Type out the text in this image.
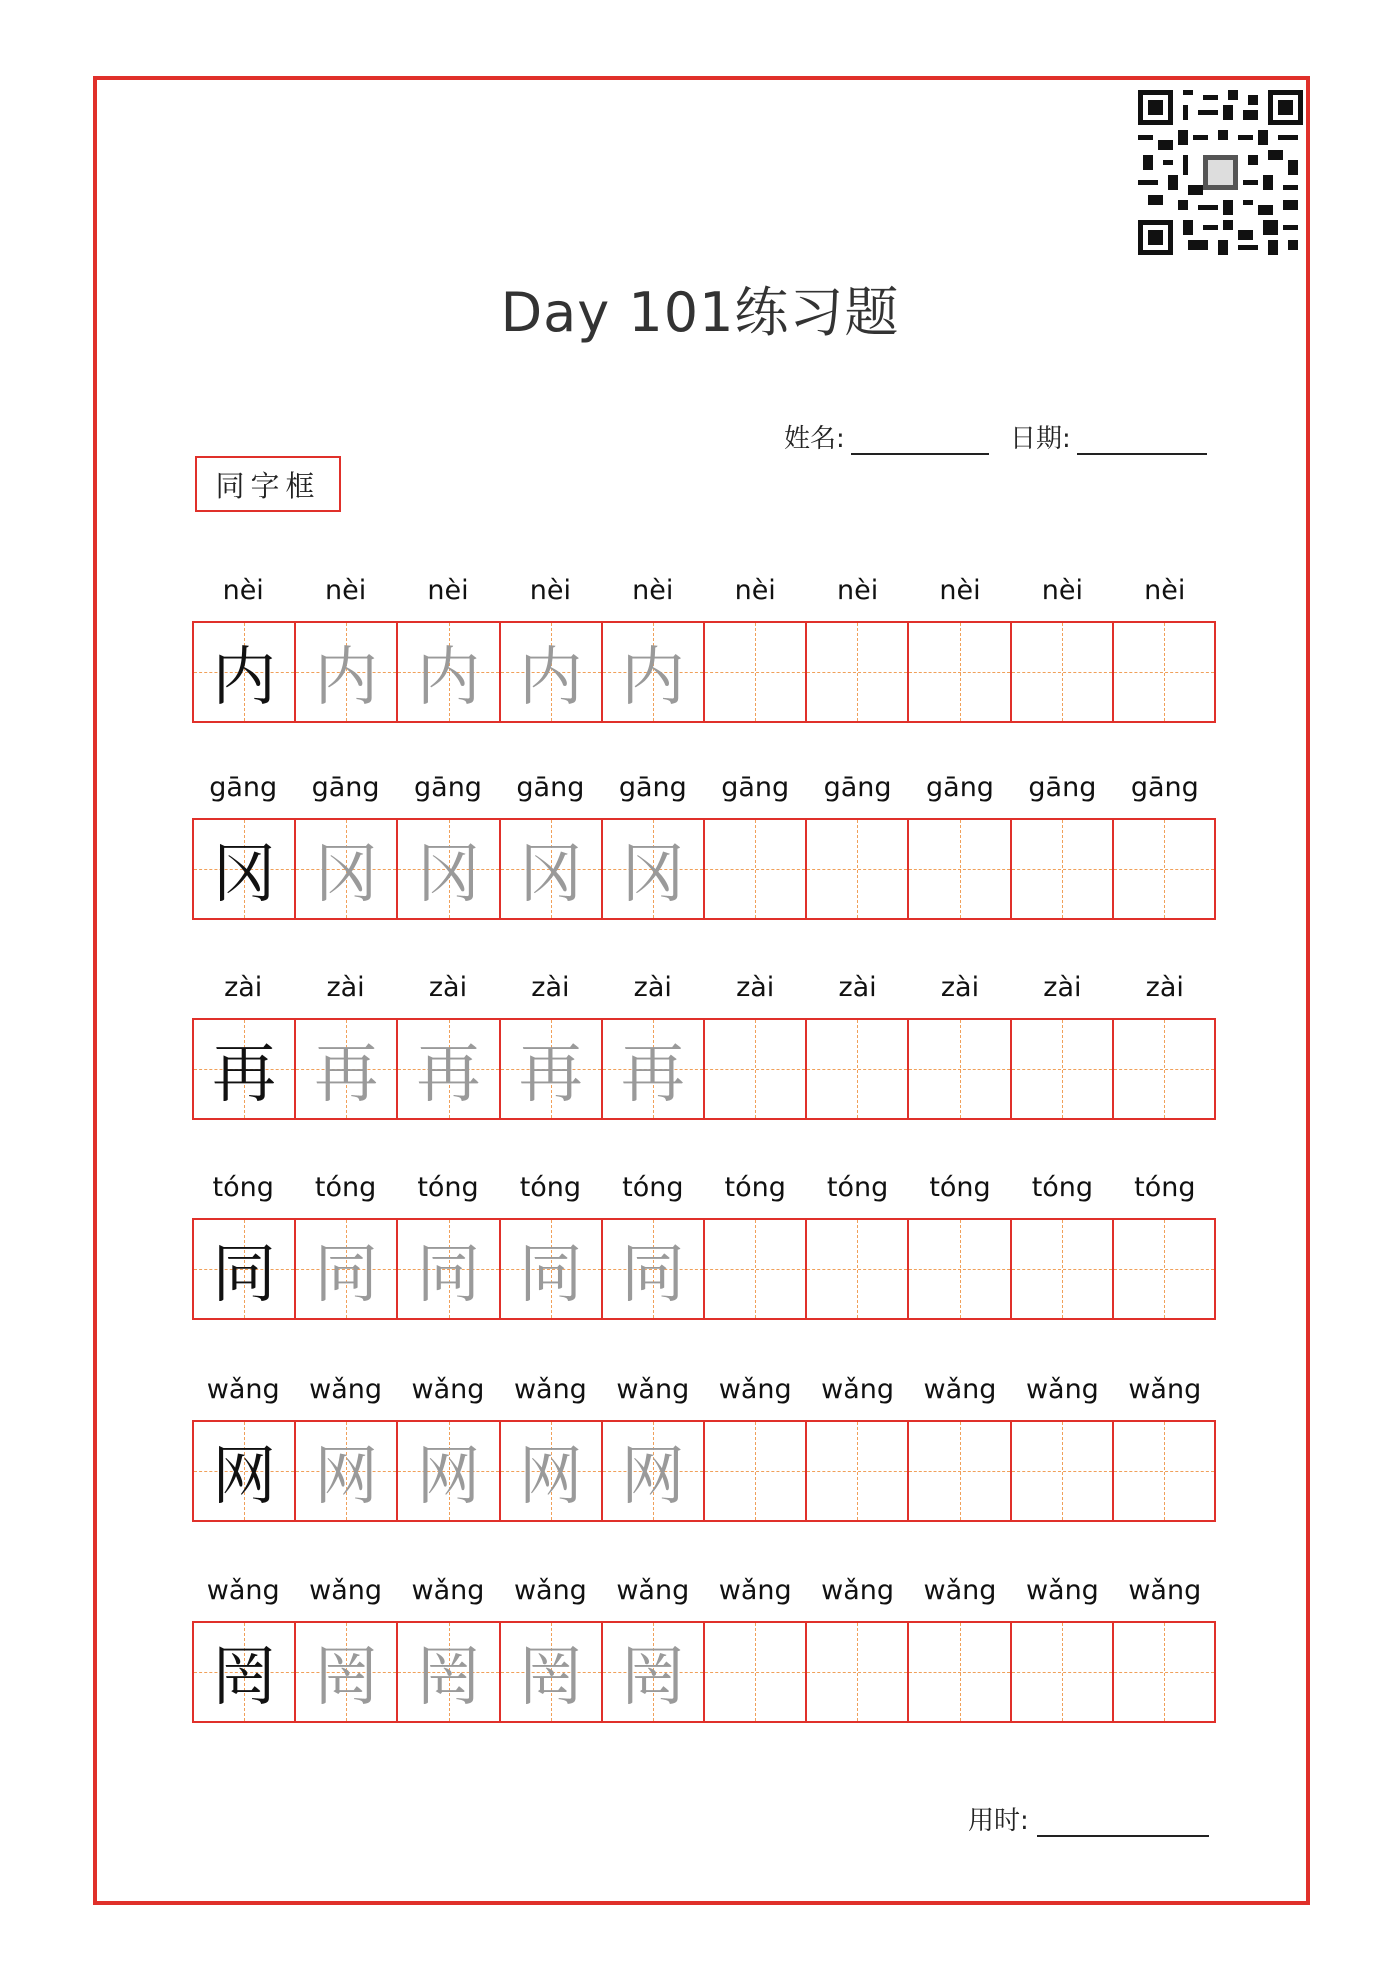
Day 101练习题
姓名:	日期:
同字框
nèi	nèi	nèi	nèi	nèi	nèi	nèi	nèi	nèi	nèi
内 内 内 内 内
gāng	gāng	gāng	gāng	gāng	gāng	gāng	gāng	gāng	gāng
冈 冈 冈 冈 冈
zài	zài	zài	zài	zài	zài	zài	zài	zài	zài
再 再 再 再 再
tóng	tóng	tóng	tóng	tóng	tóng	tóng	tóng	tóng	tóng
同 同 同 同 同
wǎng	wǎng	wǎng	wǎng	wǎng	wǎng	wǎng	wǎng	wǎng	wǎng
网 网 网 网 网
wǎng	wǎng	wǎng	wǎng	wǎng	wǎng	wǎng	wǎng	wǎng	wǎng
罔 罔 罔 罔 罔
用时:
